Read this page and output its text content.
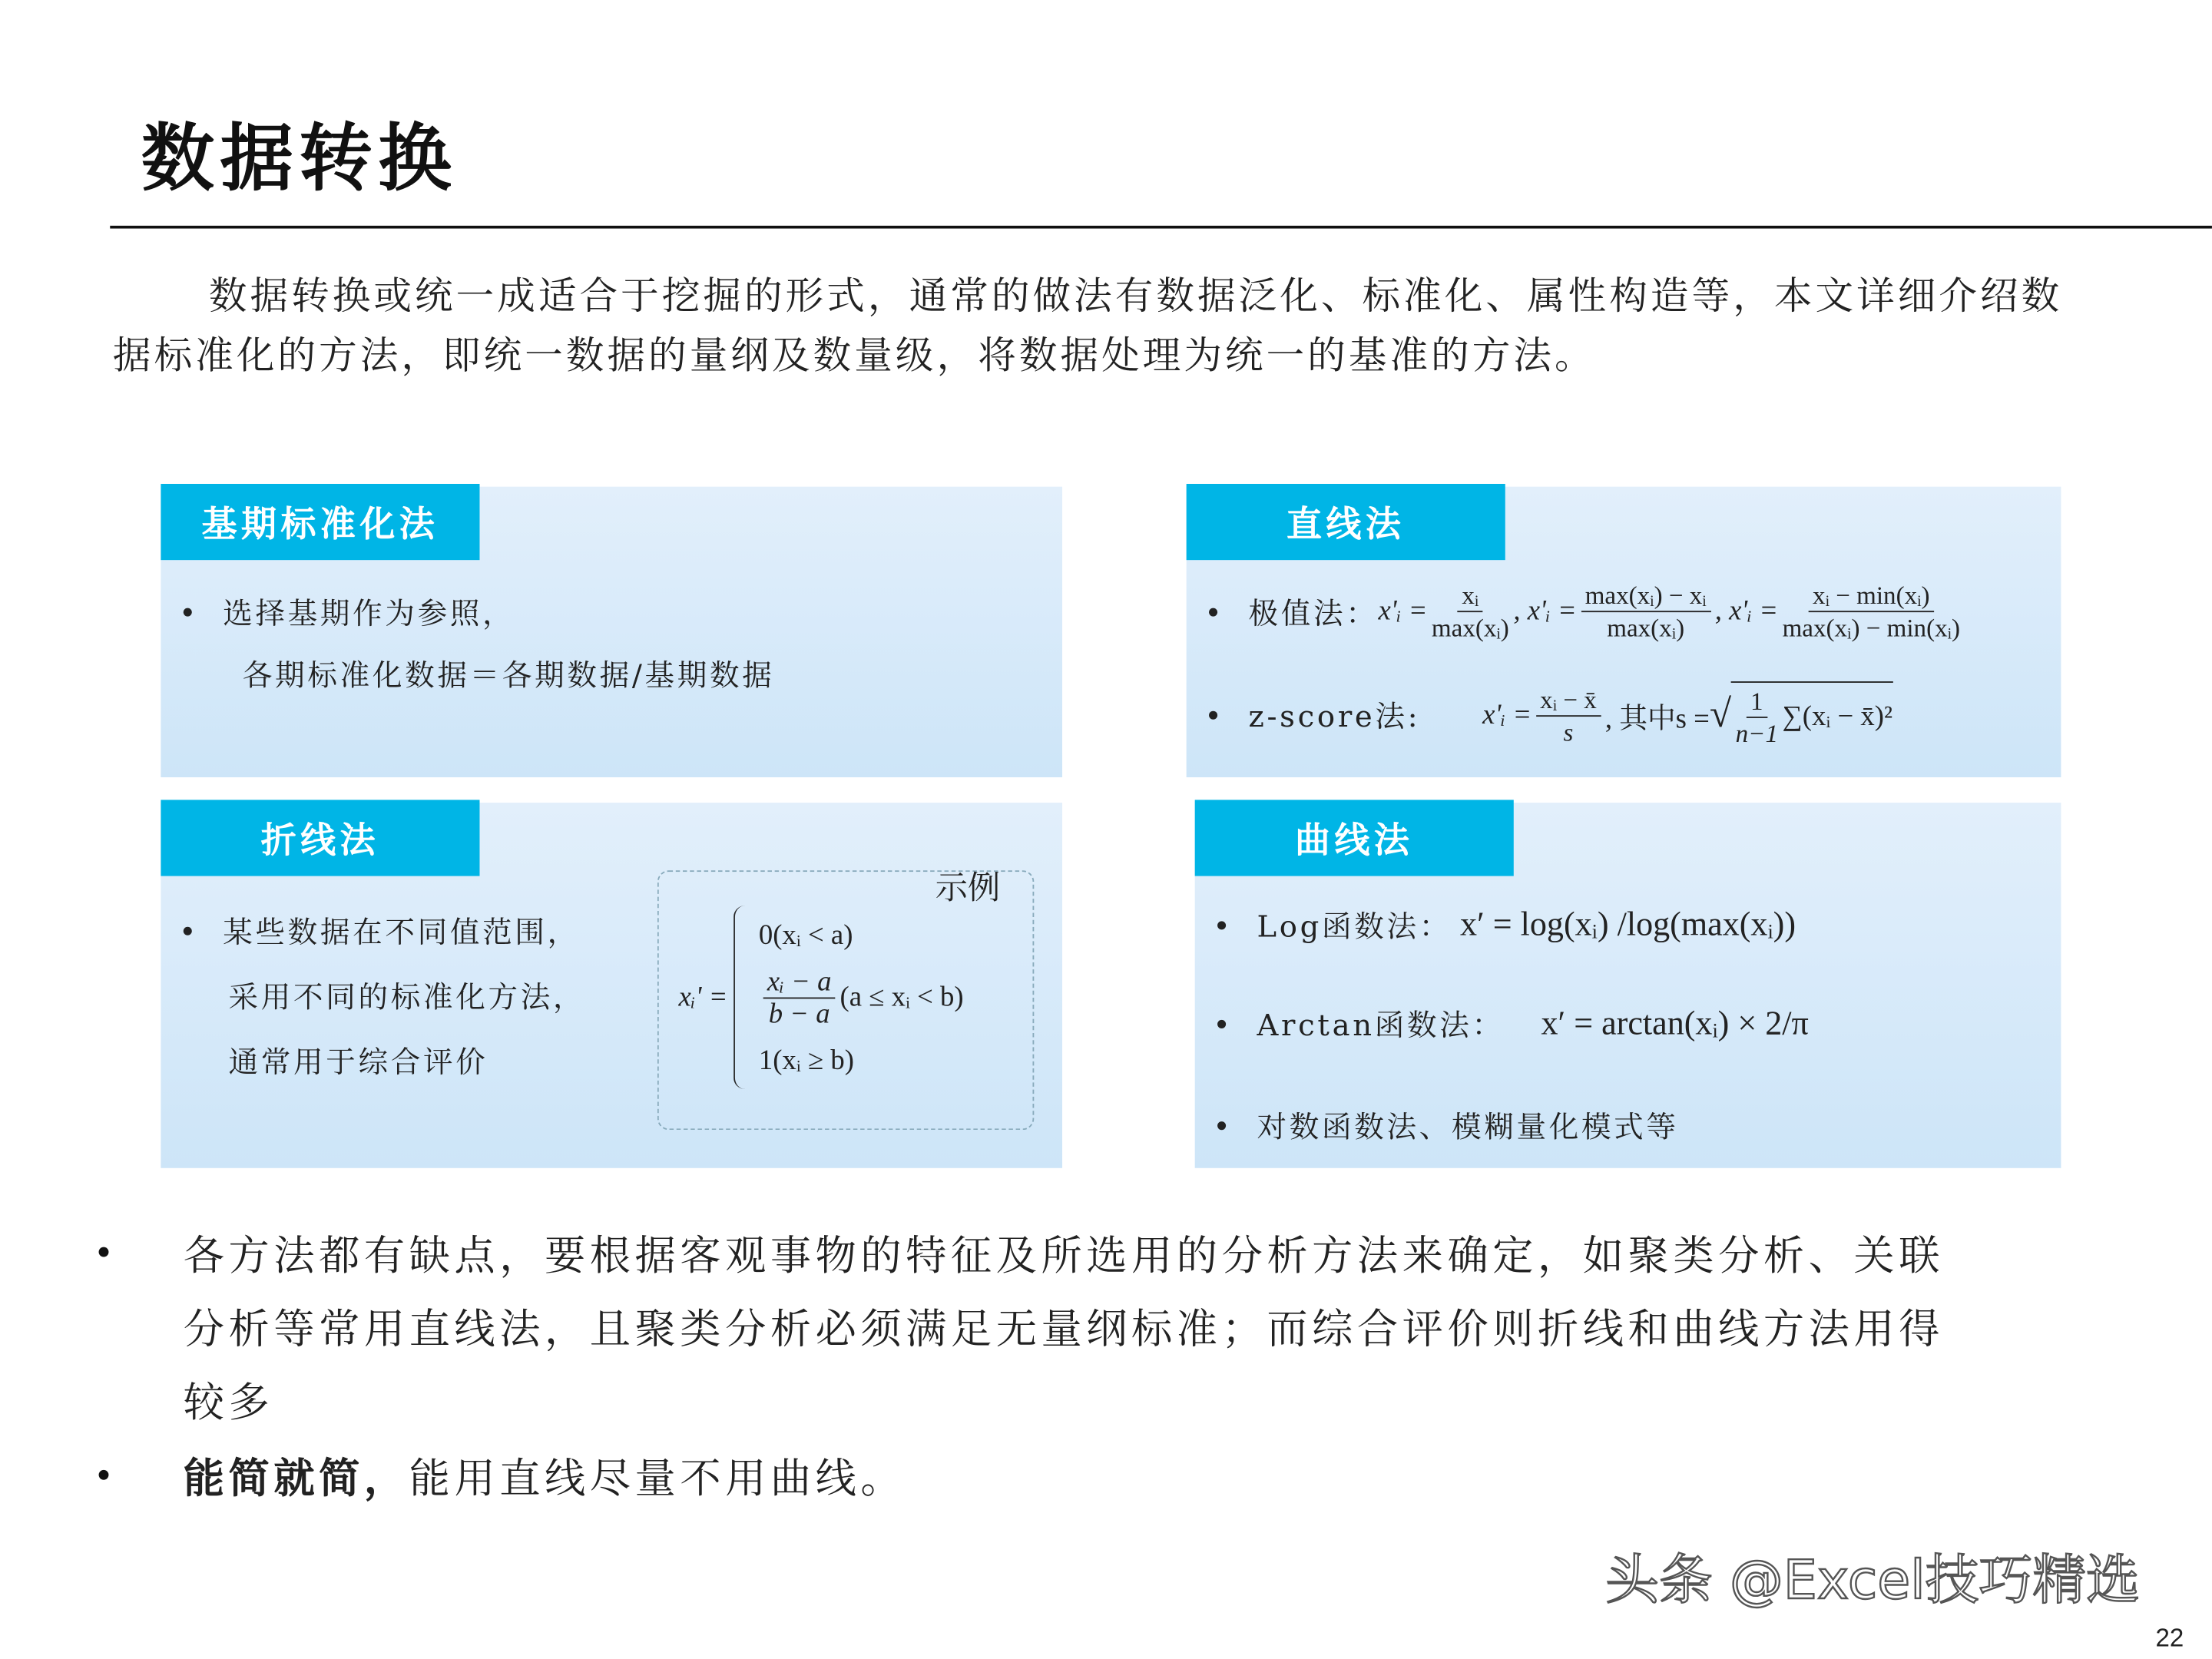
数据转换
数据转换或统一成适合于挖掘的形式，通常的做法有数据泛化、标准化、属性构造等，本文详细介绍数据标准化的方法，即统一数据的量纲及数量级，将数据处理为统一的基准的方法。
基期标准化法
选择基期作为参照，
各期标准化数据＝各期数据/基期数据
直线法
极值法： x'ᵢ = $\frac{\text{xᵢ}}{\text{max(xᵢ)}}$ , x'ᵢ = $\frac{\text{max(xᵢ) − xᵢ}}{\text{max(xᵢ)}}$ , x'ᵢ = $\frac{\text{xᵢ − min(xᵢ)}}{\text{max(xᵢ) − min(xᵢ)}}$
z-score法:	x'ᵢ = $\frac{\text{xᵢ − x̄}}{s}$ , 其中s = √ $\frac{1}{n-1}$ ∑(xᵢ − x̄)²
折线法
某些数据在不同值范围，
采用不同的标准化方法，
通常用于综合评价
示例
xᵢ' =
0(xᵢ < a)
$\frac{\text{xᵢ − a}}{b - a} (a$ ≤ xᵢ < b)
1(xᵢ ≥ b)
曲线法
Log函数法： x′ = log(xᵢ) /log(max(xᵢ))
Arctan函数法： x′ = arctan(xᵢ) × 2/π
对数函数法、模糊量化模式等
各方法都有缺点，要根据客观事物的特征及所选用的分析方法来确定，如聚类分析、关联
分析等常用直线法，且聚类分析必须满足无量纲标准；而综合评价则折线和曲线方法用得
较多
能简就简，能用直线尽量不用曲线。
头条 @Excel技巧精选
22
